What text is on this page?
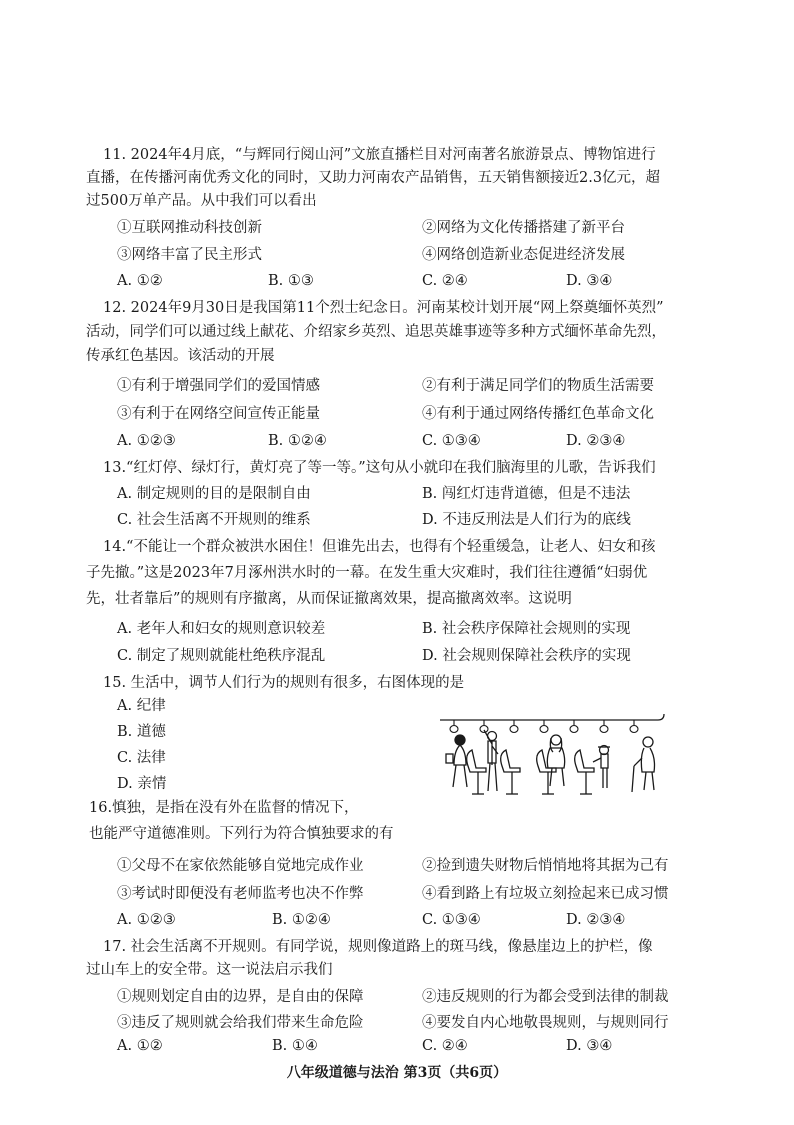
11. 2024年4月底，“与辉同行阅山河”文旅直播栏目对河南著名旅游景点、博物馆进行
直播，在传播河南优秀文化的同时，又助力河南农产品销售，五天销售额接近2.3亿元，超
过500万单产品。从中我们可以看出
①互联网推动科技创新	②网络为文化传播搭建了新平台
③网络丰富了民主形式	④网络创造新业态促进经济发展
A. ①②	B. ①③	C. ②④	D. ③④
12. 2024年9月30日是我国第11个烈士纪念日。河南某校计划开展“网上祭奠缅怀英烈”
活动，同学们可以通过线上献花、介绍家乡英烈、追思英雄事迹等多种方式缅怀革命先烈，
传承红色基因。该活动的开展
①有利于增强同学们的爱国情感	②有利于满足同学们的物质生活需要
③有利于在网络空间宣传正能量	④有利于通过网络传播红色革命文化
A. ①②③	B. ①②④	C. ①③④	D. ②③④
13.“红灯停、绿灯行，黄灯亮了等一等。”这句从小就印在我们脑海里的儿歌，告诉我们
A. 制定规则的目的是限制自由	B. 闯红灯违背道德，但是不违法
C. 社会生活离不开规则的维系	D. 不违反刑法是人们行为的底线
14.“不能让一个群众被洪水困住！但谁先出去，也得有个轻重缓急，让老人、妇女和孩
子先撤。”这是2023年7月涿州洪水时的一幕。在发生重大灾难时，我们往往遵循“妇弱优
先，壮者靠后”的规则有序撤离，从而保证撤离效果，提高撤离效率。这说明
A. 老年人和妇女的规则意识较差	B. 社会秩序保障社会规则的实现
C. 制定了规则就能杜绝秩序混乱	D. 社会规则保障社会秩序的实现
15. 生活中，调节人们行为的规则有很多，右图体现的是
A. 纪律
B. 道德
C. 法律
D. 亲情
16.慎独，是指在没有外在监督的情况下，
也能严守道德准则。下列行为符合慎独要求的有
①父母不在家依然能够自觉地完成作业	②捡到遗失财物后悄悄地将其据为己有
③考试时即便没有老师监考也决不作弊	④看到路上有垃圾立刻捡起来已成习惯
A. ①②③	B. ①②④	C. ①③④	D. ②③④
17. 社会生活离不开规则。有同学说，规则像道路上的斑马线，像悬崖边上的护栏，像
过山车上的安全带。这一说法启示我们
①规则划定自由的边界，是自由的保障	②违反规则的行为都会受到法律的制裁
③违反了规则就会给我们带来生命危险	④要发自内心地敬畏规则，与规则同行
A. ①②	B. ①④	C. ②④	D. ③④
八年级道德与法治 第3页（共6页）
